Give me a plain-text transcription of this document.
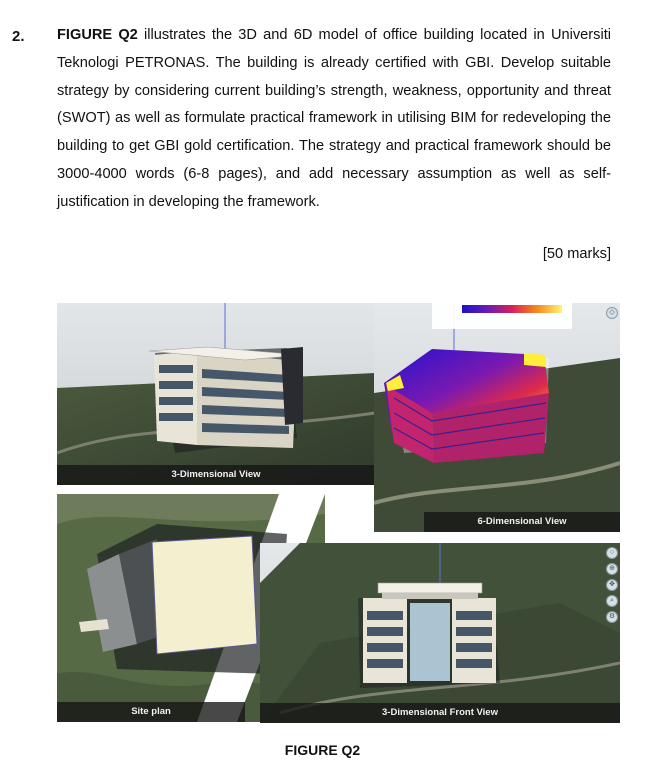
2. FIGURE Q2 illustrates the 3D and 6D model of office building located in Universiti Teknologi PETRONAS. The building is already certified with GBI. Develop suitable strategy by considering current building’s strength, weakness, opportunity and threat (SWOT) as well as formulate practical framework in utilising BIM for redeveloping the building to get GBI gold certification. The strategy and practical framework should be 3000-4000 words (6-8 pages), and add necessary assumption as well as self-justification in developing the framework.

[50 marks]
3-Dimensional View
◇
6-Dimensional View
Site plan
○
⊕
✥
⌕
⚙
3-Dimensional Front View
FIGURE Q2
